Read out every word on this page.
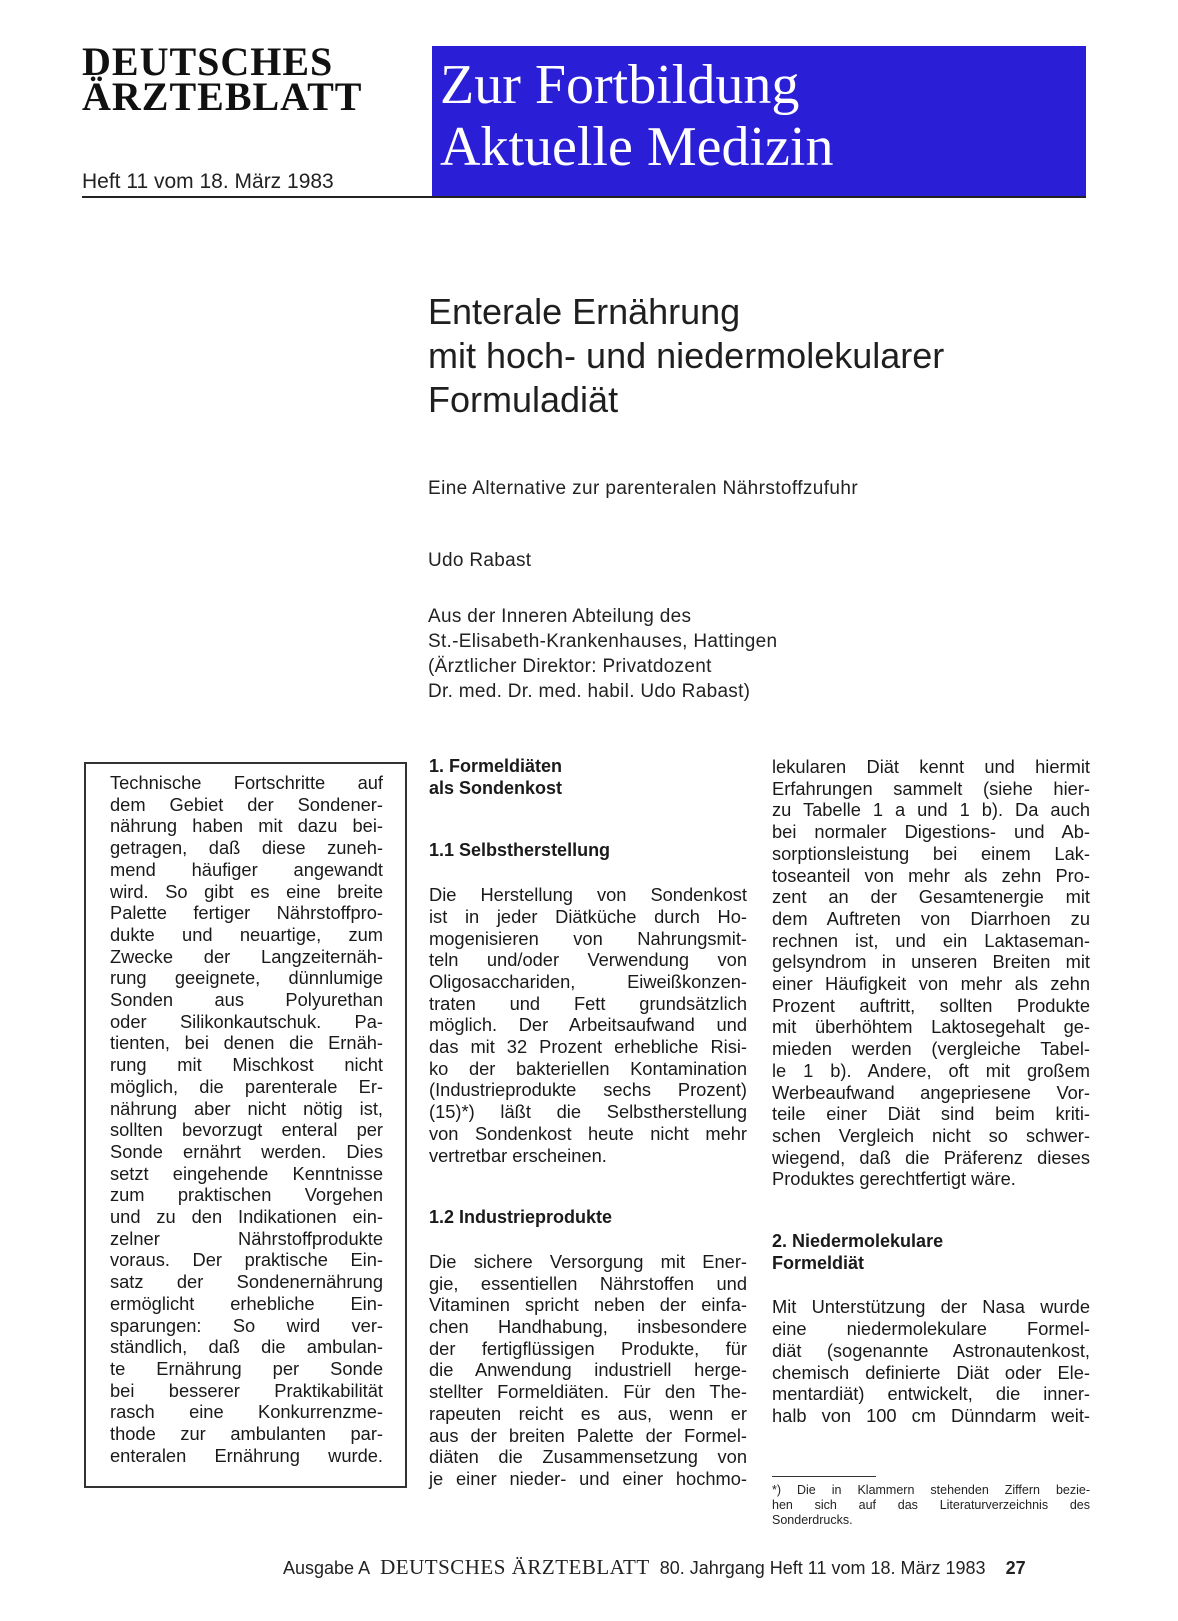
DEUTSCHES
ÄRZTEBLATT
Heft 11 vom 18. März 1983
Zur Fortbildung
Aktuelle Medizin
Enterale Ernährung
mit hoch- und niedermolekularer
Formuladiät
Eine Alternative zur parenteralen Nährstoffzufuhr
Udo Rabast
Aus der Inneren Abteilung des
St.-Elisabeth-Krankenhauses, Hattingen
(Ärztlicher Direktor: Privatdozent
Dr. med. Dr. med. habil. Udo Rabast)
Technische Fortschritte auf
dem Gebiet der Sondener-
nährung haben mit dazu bei-
getragen, daß diese zuneh-
mend häufiger angewandt
wird. So gibt es eine breite
Palette fertiger Nährstoffpro-
dukte und neuartige, zum
Zwecke der Langzeiternäh-
rung geeignete, dünnlumige
Sonden aus Polyurethan
oder Silikonkautschuk. Pa-
tienten, bei denen die Ernäh-
rung mit Mischkost nicht
möglich, die parenterale Er-
nährung aber nicht nötig ist,
sollten bevorzugt enteral per
Sonde ernährt werden. Dies
setzt eingehende Kenntnisse
zum praktischen Vorgehen
und zu den Indikationen ein-
zelner Nährstoffprodukte
voraus. Der praktische Ein-
satz der Sondenernährung
ermöglicht erhebliche Ein-
sparungen: So wird ver-
ständlich, daß die ambulan-
te Ernährung per Sonde
bei besserer Praktikabilität
rasch eine Konkurrenzme-
thode zur ambulanten par-
enteralen Ernährung wurde.
1. Formeldiäten
als Sondenkost
1.1 Selbstherstellung
Die Herstellung von Sondenkost
ist in jeder Diätküche durch Ho-
mogenisieren von Nahrungsmit-
teln und/oder Verwendung von
Oligosacchariden, Eiweißkonzen-
traten und Fett grundsätzlich
möglich. Der Arbeitsaufwand und
das mit 32 Prozent erhebliche Risi-
ko der bakteriellen Kontamination
(Industrieprodukte sechs Prozent)
(15)*) läßt die Selbstherstellung
von Sondenkost heute nicht mehr
vertretbar erscheinen.
1.2 Industrieprodukte
Die sichere Versorgung mit Ener-
gie, essentiellen Nährstoffen und
Vitaminen spricht neben der einfa-
chen Handhabung, insbesondere
der fertigflüssigen Produkte, für
die Anwendung industriell herge-
stellter Formeldiäten. Für den The-
rapeuten reicht es aus, wenn er
aus der breiten Palette der Formel-
diäten die Zusammensetzung von
je einer nieder- und einer hochmo-
lekularen Diät kennt und hiermit
Erfahrungen sammelt (siehe hier-
zu Tabelle 1 a und 1 b). Da auch
bei normaler Digestions- und Ab-
sorptionsleistung bei einem Lak-
toseanteil von mehr als zehn Pro-
zent an der Gesamtenergie mit
dem Auftreten von Diarrhoen zu
rechnen ist, und ein Laktaseman-
gelsyndrom in unseren Breiten mit
einer Häufigkeit von mehr als zehn
Prozent auftritt, sollten Produkte
mit überhöhtem Laktosegehalt ge-
mieden werden (vergleiche Tabel-
le 1 b). Andere, oft mit großem
Werbeaufwand angepriesene Vor-
teile einer Diät sind beim kriti-
schen Vergleich nicht so schwer-
wiegend, daß die Präferenz dieses
Produktes gerechtfertigt wäre.
2. Niedermolekulare
Formeldiät
Mit Unterstützung der Nasa wurde
eine niedermolekulare Formel-
diät (sogenannte Astronautenkost,
chemisch definierte Diät oder Ele-
mentardiät) entwickelt, die inner-
halb von 100 cm Dünndarm weit-
*) Die in Klammern stehenden Ziffern bezie-
hen sich auf das Literaturverzeichnis des
Sonderdrucks.
Ausgabe A DEUTSCHES ÄRZTEBLATT 80. Jahrgang Heft 11 vom 18. März 1983 27
